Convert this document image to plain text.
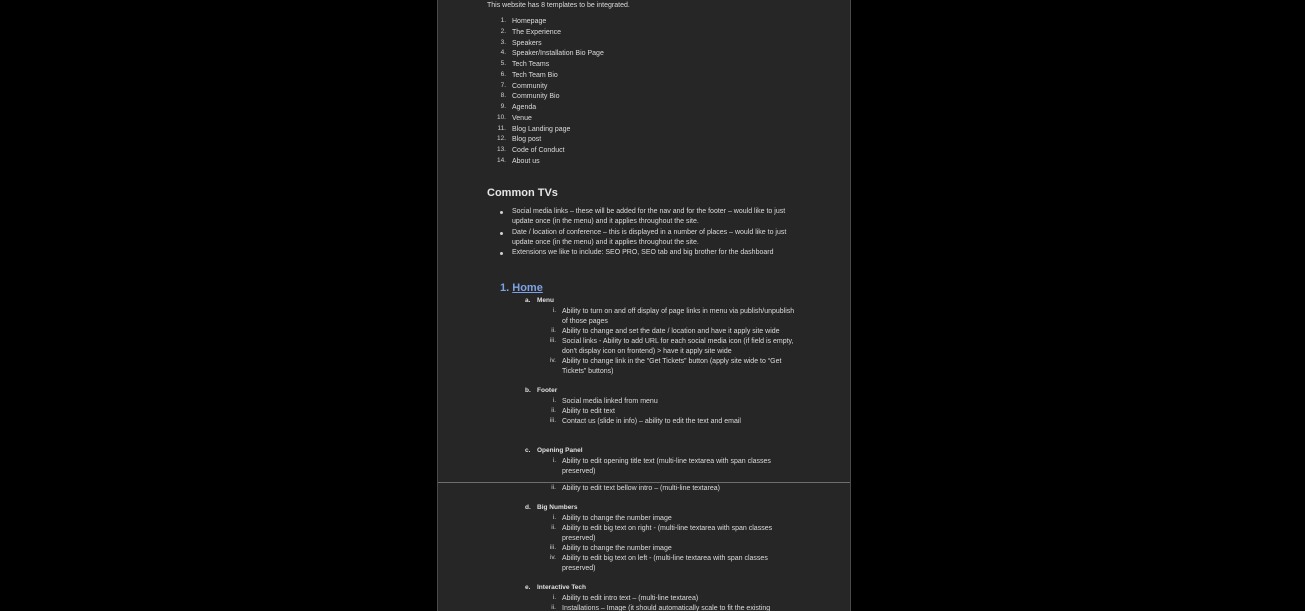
This website has 8 templates to be integrated.
1. Homepage
2. The Experience
3. Speakers
4. Speaker/Installation Bio Page
5. Tech Teams
6. Tech Team Bio
7. Community
8. Community Bio
9. Agenda
10. Venue
11. Blog Landing page
12. Blog post
13. Code of Conduct
14. About us
Common TVs
Social media links – these will be added for the nav and for the footer – would like to just
update once (in the menu) and it applies throughout the site.
Date / location of conference – this is displayed in a number of places – would like to just
update once (in the menu) and it applies throughout the site.
Extensions we like to include: SEO PRO, SEO tab and big brother for the dashboard
1. Home
a. Menu
i. Ability to turn on and off display of page links in menu via publish/unpublish
of those pages
ii. Ability to change and set the date / location and have it apply site wide
iii. Social links - Ability to add URL for each social media icon (if field is empty,
don't display icon on frontend) > have it apply site wide
iv. Ability to change link in the “Get Tickets” button (apply site wide to “Get
Tickets” buttons)
b. Footer
i. Social media linked from menu
ii. Ability to edit text
iii. Contact us (slide in info) – ability to edit the text and email
c. Opening Panel
i. Ability to edit opening title text (multi-line textarea with span classes
preserved)
ii. Ability to edit text bellow intro – (multi-line textarea)
d. Big Numbers
i. Ability to change the number image
ii. Ability to edit big text on right - (multi-line textarea with span classes
preserved)
iii. Ability to change the number image
iv. Ability to edit big text on left - (multi-line textarea with span classes
preserved)
e. Interactive Tech
i. Ability to edit intro text – (multi-line textarea)
ii. Installations – Image (it should automatically scale to fit the existing
